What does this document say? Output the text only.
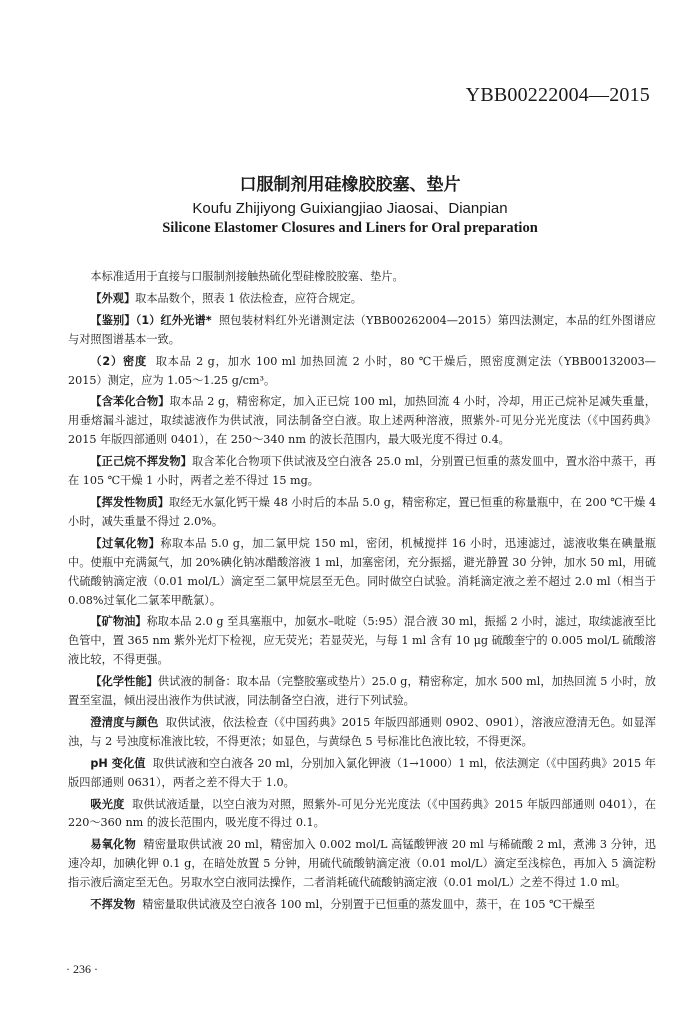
YBB00222004—2015
口服制剂用硅橡胶胶塞、垫片
Koufu Zhijiyong Guixiangjiao Jiaosai、Dianpian
Silicone Elastomer Closures and Liners for Oral preparation

本标准适用于直接与口服制剂接触热硫化型硅橡胶胶塞、垫片。

【外观】取本品数个，照表 1 依法检查，应符合规定。

【鉴别】（1）红外光谱* 照包装材料红外光谱测定法（YBB00262004—2015）第四法测定，本品的红外图谱应与对照图谱基本一致。

（2）密度 取本品 2 g，加水 100 ml 加热回流 2 小时，80 ℃干燥后，照密度测定法（YBB00132003—2015）测定，应为 1.05～1.25 g/cm³。

【含苯化合物】取本品 2 g，精密称定，加入正已烷 100 ml，加热回流 4 小时，冷却，用正己烷补足减失重量，用垂熔漏斗滤过，取续滤液作为供试液，同法制备空白液。取上述两种溶液，照紫外-可见分光光度法（《中国药典》2015 年版四部通则 0401），在 250～340 nm 的波长范围内，最大吸光度不得过 0.4。

【正己烷不挥发物】取含苯化合物项下供试液及空白液各 25.0 ml，分别置已恒重的蒸发皿中，置水浴中蒸干，再在 105 ℃干燥 1 小时，两者之差不得过 15 mg。

【挥发性物质】取经无水氯化钙干燥 48 小时后的本品 5.0 g，精密称定，置已恒重的称量瓶中，在 200 ℃干燥 4 小时，减失重量不得过 2.0%。

【过氧化物】称取本品 5.0 g，加二氯甲烷 150 ml，密闭，机械搅拌 16 小时，迅速滤过，滤液收集在碘量瓶中。使瓶中充满氮气，加 20%碘化钠冰醋酸溶液 1 ml，加塞密闭，充分振摇，避光静置 30 分钟，加水 50 ml，用硫代硫酸钠滴定液（0.01 mol/L）滴定至二氯甲烷层至无色。同时做空白试验。消耗滴定液之差不超过 2.0 ml（相当于 0.08%过氧化二氯苯甲酰氯）。

【矿物油】称取本品 2.0 g 至具塞瓶中，加氨水–吡啶（5:95）混合液 30 ml，振摇 2 小时，滤过，取续滤液至比色管中，置 365 nm 紫外光灯下检视，应无荧光；若显荧光，与每 1 ml 含有 10 μg 硫酸奎宁的 0.005 mol/L 硫酸溶液比较，不得更强。

【化学性能】供试液的制备：取本品（完整胶塞或垫片）25.0 g，精密称定，加水 500 ml，加热回流 5 小时，放置至室温，倾出浸出液作为供试液，同法制备空白液，进行下列试验。

澄清度与颜色 取供试液，依法检查（《中国药典》2015 年版四部通则 0902、0901），溶液应澄清无色。如显浑浊，与 2 号浊度标准液比较，不得更浓；如显色，与黄绿色 5 号标准比色液比较，不得更深。

pH 变化值 取供试液和空白液各 20 ml，分别加入氯化钾液（1→1000）1 ml，依法测定（《中国药典》2015 年版四部通则 0631），两者之差不得大于 1.0。

吸光度 取供试液适量，以空白液为对照，照紫外-可见分光光度法（《中国药典》2015 年版四部通则 0401），在 220～360 nm 的波长范围内，吸光度不得过 0.1。

易氧化物 精密量取供试液 20 ml，精密加入 0.002 mol/L 高锰酸钾液 20 ml 与稀硫酸 2 ml，煮沸 3 分钟，迅速冷却，加碘化钾 0.1 g，在暗处放置 5 分钟，用硫代硫酸钠滴定液（0.01 mol/L）滴定至浅棕色，再加入 5 滴淀粉指示液后滴定至无色。另取水空白液同法操作，二者消耗硫代硫酸钠滴定液（0.01 mol/L）之差不得过 1.0 ml。

不挥发物 精密量取供试液及空白液各 100 ml，分别置于已恒重的蒸发皿中，蒸干，在 105 ℃干燥至

· 236 ·
